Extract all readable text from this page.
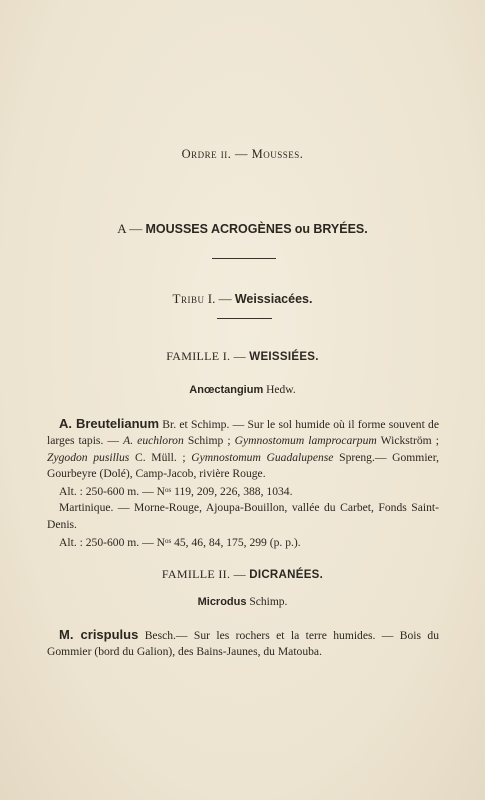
Ordre ii. — Mousses.
A — MOUSSES ACROGÈNES ou BRYÉES.
Tribu I. — Weissiacées.
FAMILLE I. — WEISSIÉES.
Anœctangium Hedw.

A. Breutelianum Br. et Schimp. — Sur le sol humide où il forme souvent de larges tapis. — A. euchloron Schimp ; Gymnostomum lamprocarpum Wickström ; Zygodon pusillus C. Müll. ; Gymnostomum Guadalupense Spreng.— Gommier, Gourbeyre (Dolé), Camp-Jacob, rivière Rouge.

Alt. : 250-600 m. — $N^{os}$ 119, 209, 226, 388, 1034.

Martinique. — Morne-Rouge, Ajoupa-Bouillon, vallée du Carbet, Fonds Saint-Denis.

Alt. : 250-600 m. — $N^{os}$ 45, 46, 84, 175, 299 (p. p.).

FAMILLE II. — DICRANÉES.
Microdus Schimp.

M. crispulus Besch.— Sur les rochers et la terre humides. — Bois du Gommier (bord du Galion), des Bains-Jaunes, du Matouba.
